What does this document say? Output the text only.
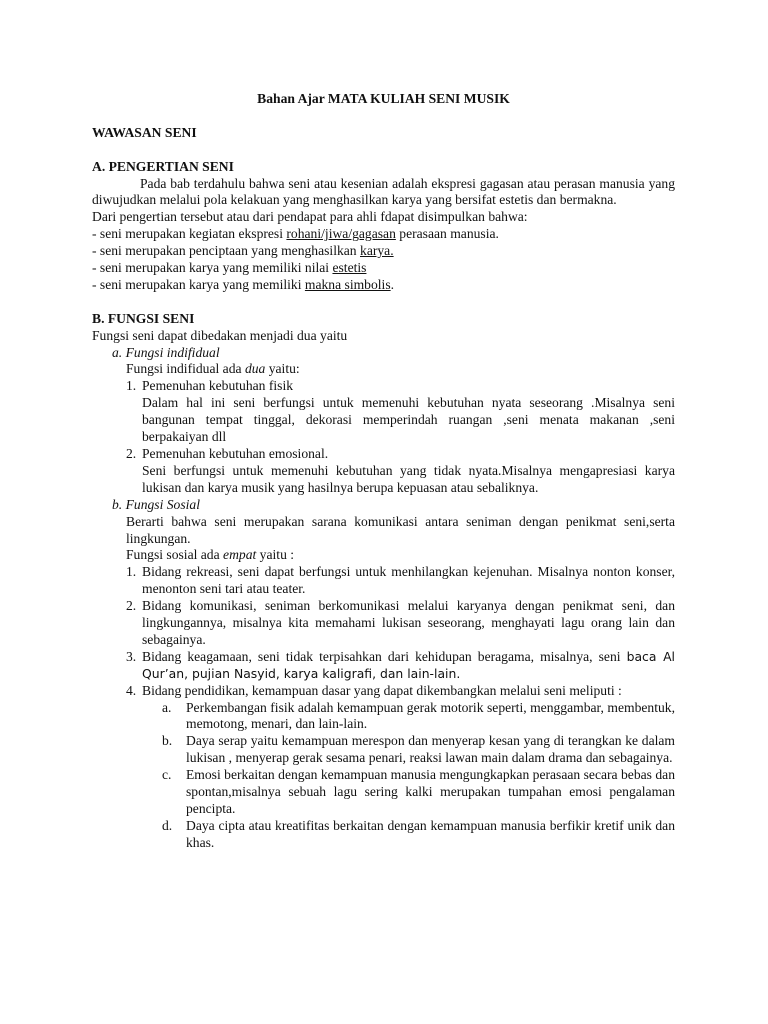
Bahan Ajar MATA KULIAH SENI MUSIK

WAWASAN SENI

A. PENGERTIAN SENI

Pada bab terdahulu bahwa seni atau kesenian adalah ekspresi gagasan atau perasan manusia yang diwujudkan melalui pola kelakuan yang menghasilkan karya yang bersifat estetis dan bermakna.

Dari pengertian tersebut atau dari pendapat para ahli fdapat disimpulkan bahwa:

- seni merupakan kegiatan ekspresi rohani/jiwa/gagasan perasaan manusia.

- seni merupakan penciptaan yang menghasilkan karya.

- seni merupakan karya yang memiliki nilai estetis

- seni merupakan karya yang memiliki makna simbolis.

B. FUNGSI SENI

Fungsi seni dapat dibedakan menjadi dua yaitu

a. Fungsi indifidual

Fungsi indifidual ada dua yaitu:

1. Pemenuhan kebutuhan fisik

Dalam hal ini seni berfungsi untuk memenuhi kebutuhan nyata seseorang .Misalnya seni bangunan tempat tinggal, dekorasi memperindah ruangan ,seni menata makanan ,seni berpakaiyan dll

2. Pemenuhan kebutuhan emosional.

Seni berfungsi untuk memenuhi kebutuhan yang tidak nyata.Misalnya mengapresiasi karya lukisan dan karya musik yang hasilnya berupa kepuasan atau sebaliknya.

b. Fungsi Sosial

Berarti bahwa seni merupakan sarana komunikasi antara seniman dengan penikmat seni,serta lingkungan.

Fungsi sosial ada empat yaitu :

1. Bidang rekreasi, seni dapat berfungsi untuk menhilangkan kejenuhan. Misalnya nonton konser, menonton seni tari atau teater.
2. Bidang komunikasi, seniman berkomunikasi melalui karyanya dengan penikmat seni, dan lingkungannya, misalnya kita memahami lukisan seseorang, menghayati lagu orang lain dan sebagainya.
3. Bidang keagamaan, seni tidak terpisahkan dari kehidupan beragama, misalnya, seni baca Al Qur’an, pujian Nasyid, karya kaligrafi, dan lain-lain.
4. Bidang pendidikan, kemampuan dasar yang dapat dikembangkan melalui seni meliputi :
a.	Perkembangan fisik adalah kemampuan gerak motorik seperti, menggambar, membentuk, memotong, menari, dan lain-lain.
b.	Daya serap yaitu kemampuan merespon dan menyerap kesan yang di terangkan ke dalam lukisan , menyerap gerak sesama penari, reaksi lawan main dalam drama dan sebagainya.
c.	Emosi berkaitan dengan kemampuan manusia mengungkapkan perasaan secara bebas dan spontan,misalnya sebuah lagu sering kalki merupakan tumpahan emosi pengalaman pencipta.
d.	Daya cipta atau kreatifitas berkaitan dengan kemampuan manusia berfikir kretif unik dan khas.
